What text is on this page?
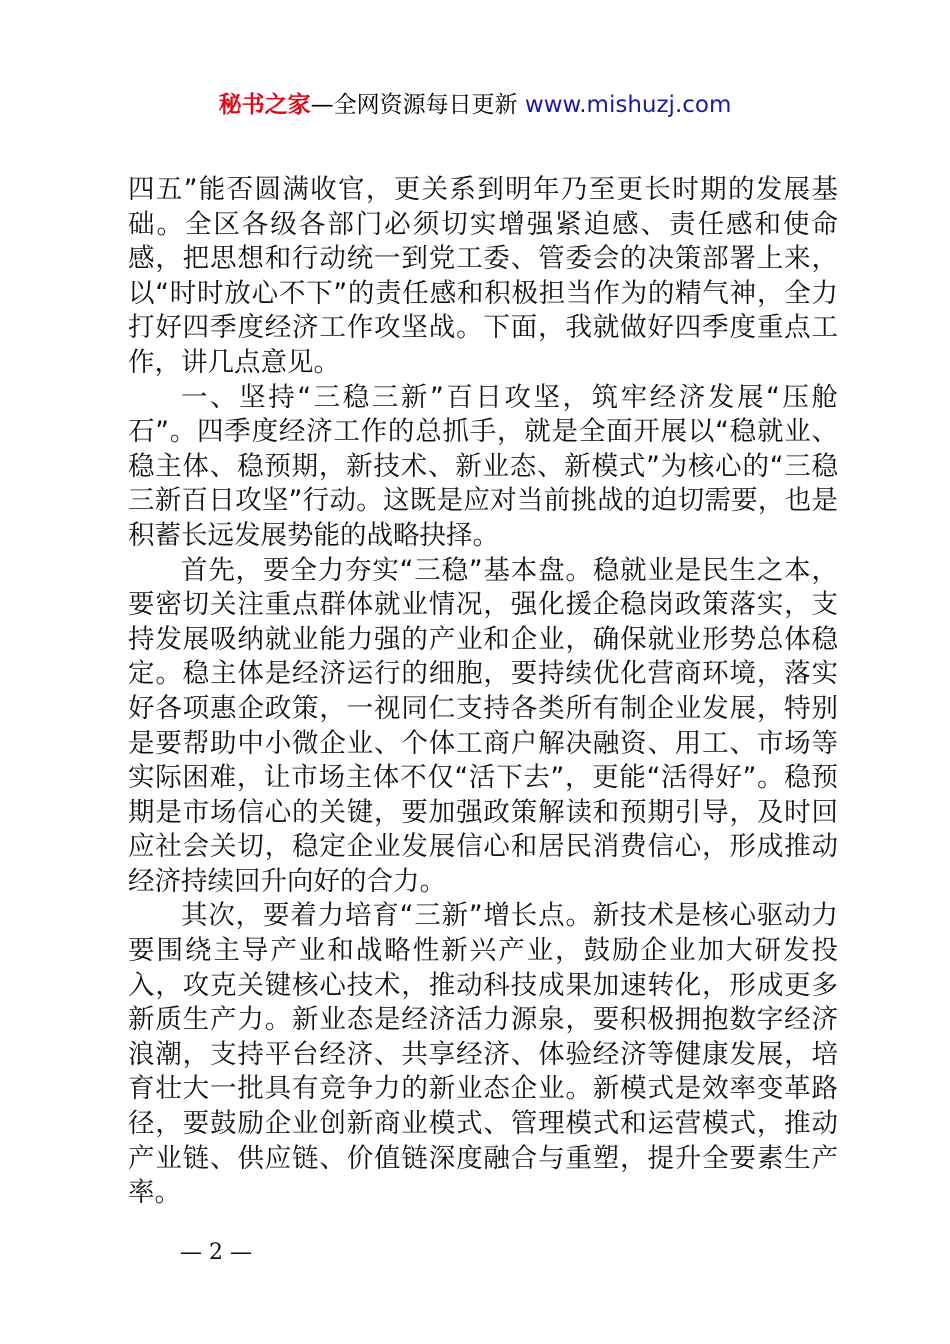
秘书之家—全网资源每日更新 www.mishuzj.com

四五”能否圆满收官，更关系到明年乃至更长时期的发展基础。全区各级各部门必须切实增强紧迫感、责任感和使命感，把思想和行动统一到党工委、管委会的决策部署上来，以“时时放心不下”的责任感和积极担当作为的精气神，全力打好四季度经济工作攻坚战。下面，我就做好四季度重点工作，讲几点意见。

一、坚持“三稳三新”百日攻坚，筑牢经济发展“压舱石”。四季度经济工作的总抓手，就是全面开展以“稳就业、稳主体、稳预期，新技术、新业态、新模式”为核心的“三稳三新百日攻坚”行动。这既是应对当前挑战的迫切需要，也是积蓄长远发展势能的战略抉择。

首先，要全力夯实“三稳”基本盘。稳就业是民生之本，要密切关注重点群体就业情况，强化援企稳岗政策落实，支持发展吸纳就业能力强的产业和企业，确保就业形势总体稳定。稳主体是经济运行的细胞，要持续优化营商环境，落实好各项惠企政策，一视同仁支持各类所有制企业发展，特别是要帮助中小微企业、个体工商户解决融资、用工、市场等实际困难，让市场主体不仅“活下去”，更能“活得好”。稳预期是市场信心的关键，要加强政策解读和预期引导，及时回应社会关切，稳定企业发展信心和居民消费信心，形成推动经济持续回升向好的合力。

其次，要着力培育“三新”增长点。新技术是核心驱动力要围绕主导产业和战略性新兴产业，鼓励企业加大研发投入，攻克关键核心技术，推动科技成果加速转化，形成更多新质生产力。新业态是经济活力源泉，要积极拥抱数字经济浪潮，支持平台经济、共享经济、体验经济等健康发展，培育壮大一批具有竞争力的新业态企业。新模式是效率变革路径，要鼓励企业创新商业模式、管理模式和运营模式，推动产业链、供应链、价值链深度融合与重塑，提升全要素生产率。

— 2 —
